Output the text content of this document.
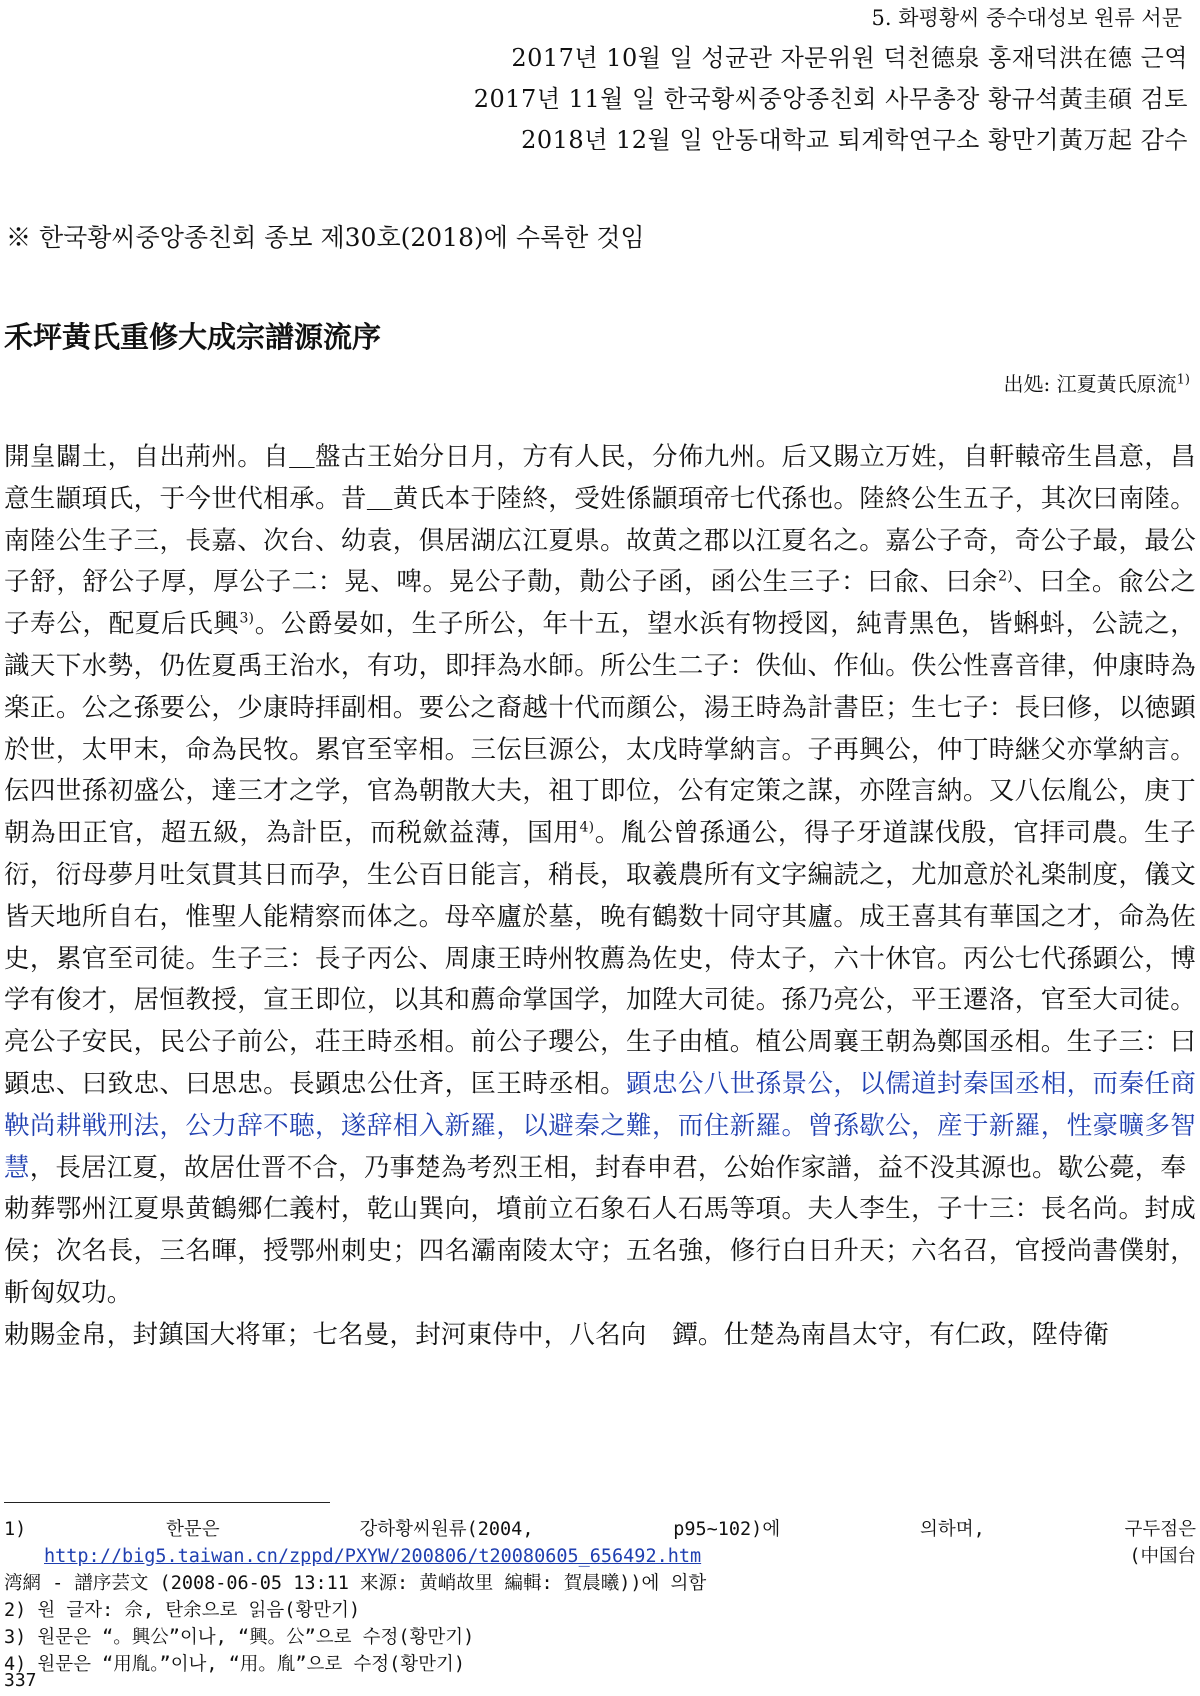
5. 화평황씨 중수대성보 원류 서문
2017년 10월 일 성균관 자문위원 덕천德泉 홍재덕洪在德 근역
2017년 11월 일 한국황씨중앙종친회 사무총장 황규석黃圭碩 검토
2018년 12월 일 안동대학교 퇴계학연구소 황만기黃万起 감수
※ 한국황씨중앙종친회 종보 제30호(2018)에 수록한 것임
禾坪黃氏重修大成宗譜源流序
出処: 江夏黃氏原流$^{1)}$

開皇闢土，自出荊州。自＿盤古王始分日月，方有人民，分佈九州。后又賜立万姓，自軒轅帝生昌意，昌意生顓頊氏，于今世代相承。昔＿黄氏本于陸終，受姓係顓頊帝七代孫也。陸終公生五子，其次曰南陸。南陸公生子三，長嘉、次台、幼袁，倶居湖広江夏県。故黄之郡以江夏名之。嘉公子奇，奇公子最，最公子舒，舒公子厚，厚公子二：晃、啤。晃公子勣，勣公子函，函公生三子：曰兪、曰余$^{2)}$、曰全。兪公之子寿公，配夏后氏興$^{3)}$。公爵晏如，生子所公，年十五，望水浜有物授図，純青黒色，皆蝌蚪，公読之，識天下水勢，仍佐夏禹王治水，有功，即拝為水師。所公生二子：佚仙、作仙。佚公性喜音律，仲康時為楽正。公之孫要公，少康時拝副相。要公之裔越十代而顔公，湯王時為計書臣；生七子：長曰修，以徳顕於世，太甲末，命為民牧。累官至宰相。三伝巨源公，太戊時掌納言。子再興公，仲丁時継父亦掌納言。伝四世孫初盛公，達三才之学，官為朝散大夫，祖丁即位，公有定策之謀，亦陞言納。又八伝胤公，庚丁朝為田正官，超五級，為計臣，而税歛益薄，国用$^{4)}$。胤公曾孫通公，得子牙道謀伐殷，官拝司農。生子衍，衍母夢月吐気貫其日而孕，生公百日能言，稍長，取羲農所有文字編読之，尤加意於礼楽制度，儀文皆天地所自右，惟聖人能精察而体之。母卒廬於墓，晩有鶴数十同守其廬。成王喜其有華国之才，命為佐史，累官至司徒。生子三：長子丙公、周康王時州牧薦為佐史，侍太子，六十休官。丙公七代孫顕公，博学有俊才，居恒教授，宣王即位，以其和薦命掌国学，加陞大司徒。孫乃亮公，平王遷洛，官至大司徒。亮公子安民，民公子前公，荘王時丞相。前公子瓔公，生子由植。植公周襄王朝為鄭国丞相。生子三：曰顕忠、曰致忠、曰思忠。長顕忠公仕斉，匡王時丞相。顕忠公八世孫景公，以儒道封秦国丞相，而秦任商鞅尚耕戦刑法，公力辞不聴，遂辞相入新羅，以避秦之難，而住新羅。曾孫歇公，産于新羅，性豪曠多智慧，長居江夏，故居仕晋不合，乃事楚為考烈王相，封春申君，公始作家譜，益不没其源也。歇公薨，奉

勅葬鄂州江夏県黄鶴郷仁義村，乾山巽向，墳前立石象石人石馬等項。夫人李生，子十三：長名尚。封成侯；次名長，三名暉，授鄂州刺史；四名灞南陵太守；五名強，修行白日升天；六名召，官授尚書僕射，斬匈奴功。

勅賜金帛，封鎮国大将軍；七名曼，封河東侍中，八名向　鐔。仕楚為南昌太守，有仁政，陞侍衛

1)	한문은	강하황씨원류(2004,	p95~102)에	의하며,	구두점은
http://big5.taiwan.cn/zppd/PXYW/200806/t20080605_656492.htm	(中国台
湾網 - 譜序芸文 (2008-06-05 13:11 来源: 黄峭故里 編輯: 賀晨曦))에 의함
2) 원 글자: 佘, 탄余으로 읽음(황만기)
3) 원문은 “。興公”이나, “興。公”으로 수정(황만기)
4) 원문은 “用胤。”이나, “用。胤”으로 수정(황만기)
337
